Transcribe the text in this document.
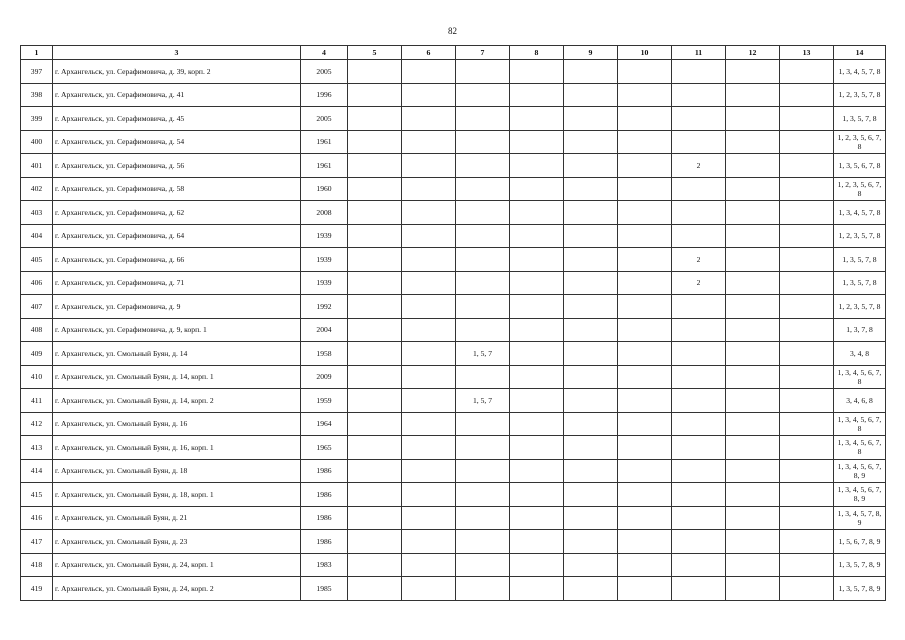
82
1	3	4	5	6	7	8	9	10	11	12	13	14
397	г. Архангельск, ул. Серафимовича, д. 39, корп. 2	2005										1, 3, 4, 5, 7, 8
398	г. Архангельск, ул. Серафимовича, д. 41	1996										1, 2, 3, 5, 7, 8
399	г. Архангельск, ул. Серафимовича, д. 45	2005										1, 3, 5, 7, 8
400	г. Архангельск, ул. Серафимовича, д. 54	1961										1, 2, 3, 5, 6, 7, 8
401	г. Архангельск, ул. Серафимовича, д. 56	1961							2			1, 3, 5, 6, 7, 8
402	г. Архангельск, ул. Серафимовича, д. 58	1960										1, 2, 3, 5, 6, 7, 8
403	г. Архангельск, ул. Серафимовича, д. 62	2008										1, 3, 4, 5, 7, 8
404	г. Архангельск, ул. Серафимовича, д. 64	1939										1, 2, 3, 5, 7, 8
405	г. Архангельск, ул. Серафимовича, д. 66	1939							2			1, 3, 5, 7, 8
406	г. Архангельск, ул. Серафимовича, д. 71	1939							2			1, 3, 5, 7, 8
407	г. Архангельск, ул. Серафимовича, д. 9	1992										1, 2, 3, 5, 7, 8
408	г. Архангельск, ул. Серафимовича, д. 9, корп. 1	2004										1, 3, 7, 8
409	г. Архангельск, ул. Смольный Буян, д. 14	1958			1, 5, 7							3, 4, 8
410	г. Архангельск, ул. Смольный Буян, д. 14, корп. 1	2009										1, 3, 4, 5, 6, 7, 8
411	г. Архангельск, ул. Смольный Буян, д. 14, корп. 2	1959			1, 5, 7							3, 4, 6, 8
412	г. Архангельск, ул. Смольный Буян, д. 16	1964										1, 3, 4, 5, 6, 7, 8
413	г. Архангельск, ул. Смольный Буян, д. 16, корп. 1	1965										1, 3, 4, 5, 6, 7, 8
414	г. Архангельск, ул. Смольный Буян, д. 18	1986										1, 3, 4, 5, 6, 7, 8, 9
415	г. Архангельск, ул. Смольный Буян, д. 18, корп. 1	1986										1, 3, 4, 5, 6, 7, 8, 9
416	г. Архангельск, ул. Смольный Буян, д. 21	1986										1, 3, 4, 5, 7, 8, 9
417	г. Архангельск, ул. Смольный Буян, д. 23	1986										1, 5, 6, 7, 8, 9
418	г. Архангельск, ул. Смольный Буян, д. 24, корп. 1	1983										1, 3, 5, 7, 8, 9
419	г. Архангельск, ул. Смольный Буян, д. 24, корп. 2	1985										1, 3, 5, 7, 8, 9
